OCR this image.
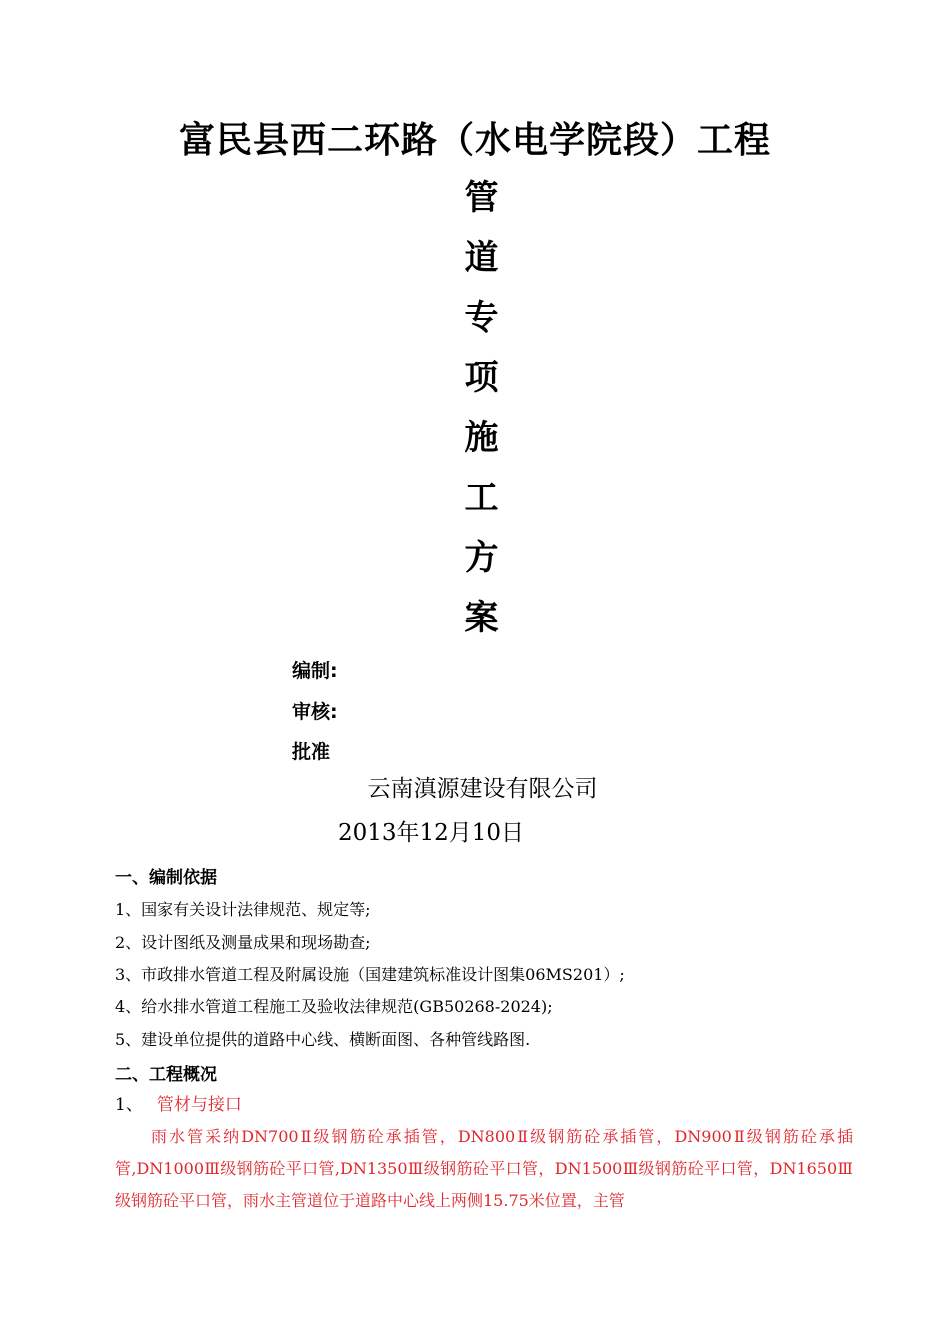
富民县西二环路（水电学院段）工程
管
道
专
项
施
工
方
案
编制:
审核:
批准
云南滇源建设有限公司
2013年12月10日
一、编制依据
1、国家有关设计法律规范、规定等;
2、设计图纸及测量成果和现场勘查;
3、市政排水管道工程及附属设施（国建建筑标准设计图集06MS201）;
4、给水排水管道工程施工及验收法律规范(GB50268-2024);
5、建设单位提供的道路中心线、横断面图、各种管线路图.
二、工程概况
1、 管材与接口
雨水管采纳DN700Ⅱ级钢筋砼承插管，DN800Ⅱ级钢筋砼承插管，DN900Ⅱ级钢筋砼承插管,DN1000Ⅲ级钢筋砼平口管,DN1350Ⅲ级钢筋砼平口管，DN1500Ⅲ级钢筋砼平口管，DN1650Ⅲ级钢筋砼平口管，雨水主管道位于道路中心线上两侧15.75米位置，主管
